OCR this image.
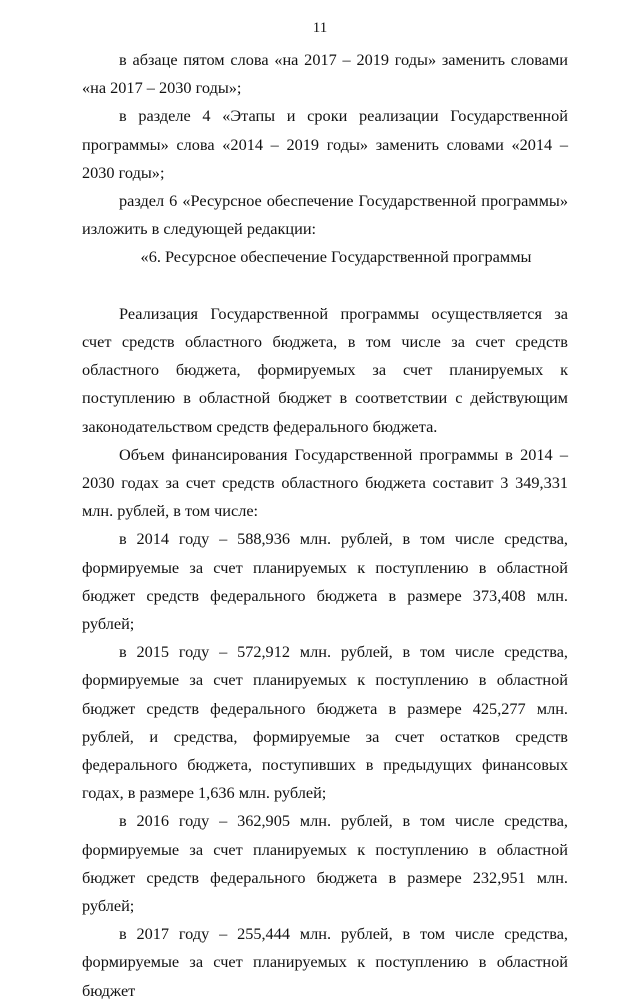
11

в абзаце пятом слова «на 2017 – 2019 годы» заменить словами «на 2017 – 2030 годы»;

в разделе 4 «Этапы и сроки реализации Государственной программы» слова «2014 – 2019 годы» заменить словами «2014 – 2030 годы»;

раздел 6 «Ресурсное обеспечение Государственной программы» изложить в следующей редакции:

«6. Ресурсное обеспечение Государственной программы

Реализация Государственной программы осуществляется за счет средств областного бюджета, в том числе за счет средств областного бюджета, формируемых за счет планируемых к поступлению в областной бюджет в соответствии с действующим законодательством средств федерального бюджета.

Объем финансирования Государственной программы в 2014 – 2030 годах за счет средств областного бюджета составит 3 349,331 млн. рублей, в том числе:

в 2014 году – 588,936 млн. рублей, в том числе средства, формируемые за счет планируемых к поступлению в областной бюджет средств федерального бюджета в размере 373,408 млн. рублей;

в 2015 году – 572,912 млн. рублей, в том числе средства, формируемые за счет планируемых к поступлению в областной бюджет средств федерального бюджета в размере 425,277 млн. рублей, и средства, формируемые за счет остатков средств федерального бюджета, поступивших в предыдущих финансовых годах, в размере 1,636 млн. рублей;

в 2016 году – 362,905 млн. рублей, в том числе средства, формируемые за счет планируемых к поступлению в областной бюджет средств федерального бюджета в размере 232,951 млн. рублей;

в 2017 году – 255,444 млн. рублей, в том числе средства, формируемые за счет планируемых к поступлению в областной бюджет
